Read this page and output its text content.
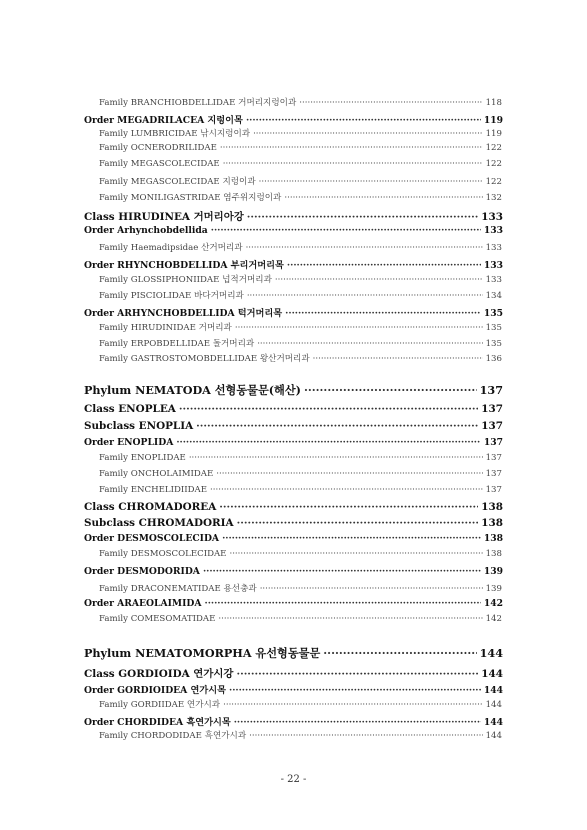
Family BRANCHIOBDELLIDAE 거머리지렁이과 ·····	118
Order MEGADRILACEA 지렁이목 ·····	119
Family LUMBRICIDAE 낚시지렁이과 ·····	119
Family OCNERODRILIDAE ·····	122
Family MEGASCOLECIDAE ·····	122
Family MEGASCOLECIDAE 지렁이과 ·····	122
Family MONILIGASTRIDAE 염주위지렁이과 ·····	132
Class HIRUDINEA 거머리아강 ·····	133
Order Arhynchobdellida ·····	133
Family Haemadipsidae 산거머리과 ·····	133
Order RHYNCHOBDELLIDA 부리거머리목 ·····	133
Family GLOSSIPHONIIDAE 넙적거머리과 ·····	133
Family PISCIOLIDAE 바다거머리과 ·····	134
Order ARHYNCHOBDELLIDA 턱거머리목 ·····	135
Family HIRUDINIDAE 거머리과 ·····	135
Family ERPOBDELLIDAE 돌거머리과 ·····	135
Family GASTROSTOMOBDELLIDAE 왕산거머리과 ·····	136
Phylum NEMATODA 선형동물문(해산) ·····	137
Class ENOPLEA ·····	137
Subclass ENOPLIA ·····	137
Order ENOPLIDA ·····	137
Family ENOPLIDAE ·····	137
Family ONCHOLAIMIDAE ·····	137
Family ENCHELIDIIDAE ·····	137
Class CHROMADOREA ·····	138
Subclass CHROMADORIA ·····	138
Order DESMOSCOLECIDA ·····	138
Family DESMOSCOLECIDAE ·····	138
Order DESMODORIDA ·····	139
Family DRACONEMATIDAE 용선충과 ·····	139
Order ARAEOLAIMIDA ·····	142
Family COMESOMATIDAE ·····	142
Phylum NEMATOMORPHA 유선형동물문 ·····	144
Class GORDIOIDA 연가시강 ·····	144
Order GORDIOIDEA 연가시목 ·····	144
Family GORDIIDAE 연가시과 ·····	144
Order CHORDIDEA 흑연가시목 ·····	144
Family CHORDODIDAE 흑연가시과 ·····	144
- 22 -
